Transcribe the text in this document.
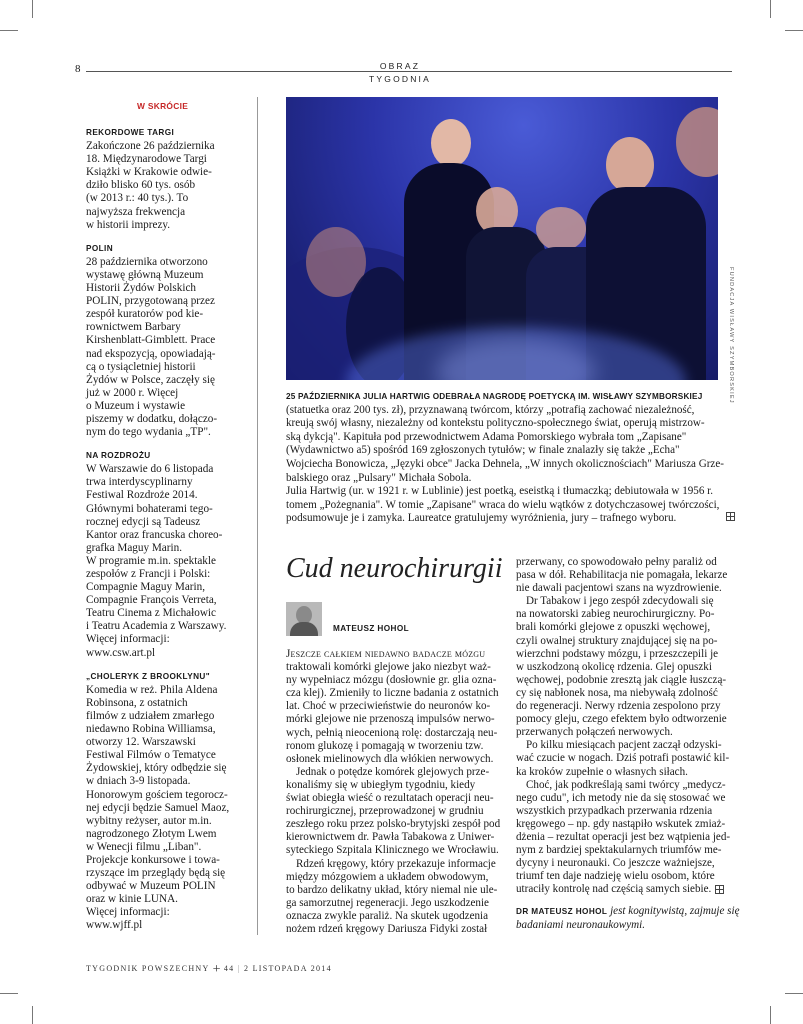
8	OBRAZ
TYGODNIA
W SKRÓCIE
REKORDOWE TARGI
Zakończone 26 października
18. Międzynarodowe Targi
Książki w Krakowie odwie-
dziło blisko 60 tys. osób
(w 2013 r.: 40 tys.). To
najwyższa frekwencja
w historii imprezy.
POLIN
28 października otworzono
wystawę główną Muzeum
Historii Żydów Polskich
POLIN, przygotowaną przez
zespół kuratorów pod kie-
rownictwem Barbary
Kirshenblatt-Gimblett. Prace
nad ekspozycją, opowiadają-
cą o tysiącletniej historii
Żydów w Polsce, zaczęły się
już w 2000 r. Więcej
o Muzeum i wystawie
piszemy w dodatku, dołączo-
nym do tego wydania „TP".
NA ROZDROŻU
W Warszawie do 6 listopada
trwa interdyscyplinarny
Festiwal Rozdroże 2014.
Głównymi bohaterami tego-
rocznej edycji są Tadeusz
Kantor oraz francuska choreo-
grafka Maguy Marin.
W programie m.in. spektakle
zespołów z Francji i Polski:
Compagnie Maguy Marin,
Compagnie François Verreta,
Teatru Cinema z Michałowic
i Teatru Academia z Warszawy.
Więcej informacji:
www.csw.art.pl
„CHOLERYK Z BROOKLYNU"
Komedia w reż. Phila Aldena
Robinsona, z ostatnich
filmów z udziałem zmarłego
niedawno Robina Williamsa,
otworzy 12. Warszawski
Festiwal Filmów o Tematyce
Żydowskiej, który odbędzie się
w dniach 3-9 listopada.
Honorowym gościem tegorocz-
nej edycji będzie Samuel Maoz,
wybitny reżyser, autor m.in.
nagrodzonego Złotym Lwem
w Wenecji filmu „Liban".
Projekcje konkursowe i towa-
rzyszące im przeglądy będą się
odbywać w Muzeum POLIN
oraz w kinie LUNA.
Więcej informacji:
www.wjff.pl
FUNDACJA WISŁAWY SZYMBORSKIEJ
25 PAŹDZIERNIKA JULIA HARTWIG ODEBRAŁA NAGRODĘ POETYCKĄ IM. WISŁAWY SZYMBORSKIEJ
(statuetka oraz 200 tys. zł), przyznawaną twórcom, którzy „potrafią zachować niezależność,
kreują swój własny, niezależny od kontekstu polityczno-społecznego świat, operują mistrzow-
ską dykcją". Kapituła pod przewodnictwem Adama Pomorskiego wybrała tom „Zapisane"
(Wydawnictwo a5) spośród 169 zgłoszonych tytułów; w finale znalazły się także „Echa"
Wojciecha Bonowicza, „Języki obce" Jacka Dehnela, „W innych okolicznościach" Mariusza Grze-
balskiego oraz „Pulsary" Michała Sobola.
Julia Hartwig (ur. w 1921 r. w Lublinie) jest poetką, eseistką i tłumaczką; debiutowała w 1956 r.
tomem „Pożegnania". W tomie „Zapisane" wraca do wielu wątków z dotychczasowej twórczości,
podsumowuje je i zamyka. Laureatce gratulujemy wyróżnienia, jury – trafnego wyboru.
Cud neurochirurgii
MATEUSZ HOHOL
Jeszcze całkiem niedawno badacze mózgu
traktowali komórki glejowe jako niezbyt waż-
ny wypełniacz mózgu (dosłownie gr. glia ozna-
cza klej). Zmieniły to liczne badania z ostatnich
lat. Choć w przeciwieństwie do neuronów ko-
mórki glejowe nie przenoszą impulsów nerwo-
wych, pełnią nieocenioną rolę: dostarczają neu-
ronom glukozę i pomagają w tworzeniu tzw.
osłonek mielinowych dla włókien nerwowych.
Jednak o potędze komórek glejowych prze-
konaliśmy się w ubiegłym tygodniu, kiedy
świat obiegła wieść o rezultatach operacji neu-
rochirurgicznej, przeprowadzonej w grudniu
zeszłego roku przez polsko-brytyjski zespół pod
kierownictwem dr. Pawła Tabakowa z Uniwer-
syteckiego Szpitala Klinicznego we Wrocławiu.
Rdzeń kręgowy, który przekazuje informacje
między mózgowiem a układem obwodowym,
to bardzo delikatny układ, który niemal nie ule-
ga samorzutnej regeneracji. Jego uszkodzenie
oznacza zwykle paraliż. Na skutek ugodzenia
nożem rdzeń kręgowy Dariusza Fidyki został
przerwany, co spowodowało pełny paraliż od
pasa w dół. Rehabilitacja nie pomagała, lekarze
nie dawali pacjentowi szans na wyzdrowienie.
Dr Tabakow i jego zespół zdecydowali się
na nowatorski zabieg neurochirurgiczny. Po-
brali komórki glejowe z opuszki węchowej,
czyli owalnej struktury znajdującej się na po-
wierzchni podstawy mózgu, i przeszczepili je
w uszkodzoną okolicę rdzenia. Glej opuszki
węchowej, podobnie zresztą jak ciągle łuszczą-
cy się nabłonek nosa, ma niebywałą zdolność
do regeneracji. Nerwy rdzenia zespolono przy
pomocy gleju, czego efektem było odtworzenie
przerwanych połączeń nerwowych.
Po kilku miesiącach pacjent zaczął odzyski-
wać czucie w nogach. Dziś potrafi postawić kil-
ka kroków zupełnie o własnych siłach.
Choć, jak podkreślają sami twórcy „medycz-
nego cudu", ich metody nie da się stosować we
wszystkich przypadkach przerwania rdzenia
kręgowego – np. gdy nastąpiło wskutek zmiaż-
dżenia – rezultat operacji jest bez wątpienia jed-
nym z bardziej spektakularnych triumfów me-
dycyny i neuronauki. Co jeszcze ważniejsze,
triumf ten daje nadzieję wielu osobom, które
utraciły kontrolę nad częścią samych siebie.
DR MATEUSZ HOHOL jest kognitywistą, zajmuje się
badaniami neuronaukowymi.
TYGODNIK POWSZECHNY + 44 | 2 LISTOPADA 2014
